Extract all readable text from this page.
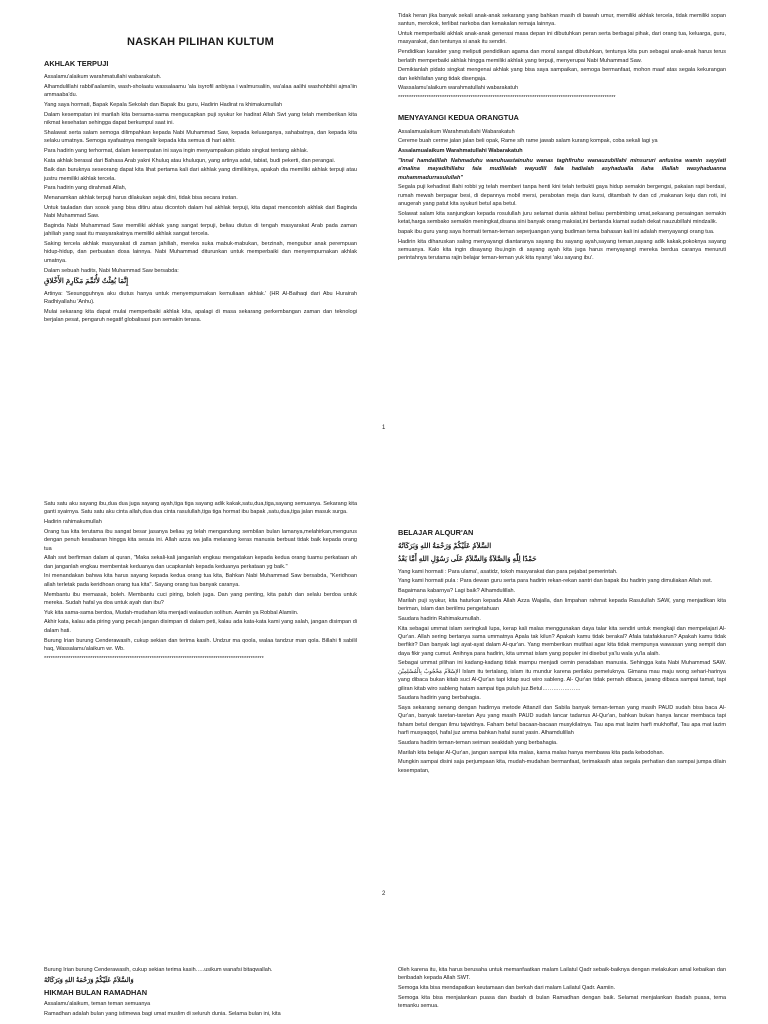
NASKAH PILIHAN KULTUM
AKHLAK TERPUJI

Assalamu'alaikum warahmatullahi wabarakatuh.

Alhamdulillahi rabbil'aalamiin, wash-sholaatu wassalaamu 'ala isyrofil anbiyaa i walmursaliin, wa'alaa aalihi washohbihii ajma'iin ammaaba'du.

Yang saya hormati, Bapak Kepala Sekolah dan Bapak Ibu guru, Hadirin Hadirat ra khimakumullah

Dalam kesempatan ini marilah kita bersama-sama mengucapkan puji syukur ke hadirat Allah Swt yang telah memberikan kita nikmat kesehatan sehingga dapat berkumpul saat ini.

Shalawat serta salam semoga dilimpahkan kepada Nabi Muhammad Saw, kepada keluarganya, sahabatnya, dan kepada kita selaku umatnya. Semoga syafaatnya mengalir kepada kita semua di hari akhir.

Para hadirin yang terhormat, dalam kesempatan ini saya ingin menyampaikan pidato singkat tentang akhlak.

Kata akhlak berasal dari Bahasa Arab yakni Khuluq atau khuluqun, yang artinya adat, tabiat, budi pekerti, dan perangai.

Baik dan buruknya seseorang dapat kita lihat pertama kali dari akhlak yang dimilikinya, apakah dia memiliki akhlak terpuji atau justru memiliki akhlak tercela.

Para hadirin yang dirahmati Allah,

Menanamkan akhlak terpuji harus dilakukan sejak dini, tidak bisa secara instan.

Untuk tauladan dan sosok yang bisa ditiru atau dicontoh dalam hal akhlak terpuji, kita dapat mencontoh akhlak dari Baginda Nabi Muhammad Saw.

Baginda Nabi Muhammad Saw memiliki akhlak yang sangat terpuji, beliau diutus di tengah masyarakat Arab pada zaman jahiliah yang saat itu masyarakatnya memiliki akhlak sangat tercela.

Saking tercela akhlak masyarakat di zaman jahiliah, mereka suka mabuk-mabukan, berzinah, mengubur anak perempuan hidup-hidup, dan perbuatan dosa lainnya. Nabi Muhammad diturunkan untuk memperbaiki dan menyempurnakan akhlak umatnya.

Dalam sebuah hadits, Nabi Muhammad Saw bersabda:

إِنَّمَا بُعِثْتُ لأُتَمِّمَ مَكَارِمَ الأَخْلاقِ

Artinya: 'Sesungguhnya aku diutus hanya untuk menyempurnakan kemuliaan akhlak.' (HR Al-Baihaqi dari Abu Hurairah Radhiyallahu 'Anhu).

Mulai sekarang kita dapat mulai memperbaiki akhlak kita, apalagi di masa sekarang perkembangan zaman dan teknologi berjalan pesat, pengaruh negatif globalisasi pun semakin terasa.

Tidak heran jika banyak sekali anak-anak sekarang yang bahkan masih di bawah umur, memiliki akhlak tercela, tidak memiliki sopan santun, merokok, terlibat narkoba dan kenakalan remaja lainnya.

Untuk memperbaiki akhlak anak-anak generasi masa depan ini dibutuhkan peran serta berbagai pihak, dari orang tua, keluarga, guru, masyarakat, dan tentunya si anak itu sendiri.

Pendidikan karakter yang meliputi pendidikan agama dan moral sangat dibutuhkan, tentunya kita pun sebagai anak-anak harus terus berlatih memperbaiki akhlak hingga memiliki akhlak yang terpuji, menyerupai Nabi Muhammad Saw.

Demikianlah pidato singkat mengenai akhlak yang bisa saya sampaikan, semoga bermanfaat, mohon maaf atas segala kekurangan dan kekhilafan yang tidak disengaja.

Wassalamu'alaikum warahmatullahi wabarakatuh

***************************************************************************************************

MENYAYANGI KEDUA ORANGTUA

Assalamualaikum Warahmatullahi Wabarakatuh

Cereme buah cerme jalan jalan beli opak, Rame sih rame jawab salam kurang kompak, coba sekali lagi ya

Assalamualaikum Warahmatullahi Wabarakatuh

"Innal hamdalillah Nahmaduhu wanuhuastainuhu wanas taghfiruhu wanauzubillahi minsururi anfusina wamin sayyiati a'malina mayadihillahu fala mudlilalah wayudlil fala hadialah asyhadualla ilaha illallah wasyhaduanna muhammadurrasulullah"

Segala puji kehadirat illahi robbi yg telah memberi tanpa henti kini telah terbukti gaya hidup semakin bergengsi, pakaian rapi berdasi, rumah mewah berpagar besi, di depannya mobil mersi, perabotan meja dan kursi, ditambah tv dan cd ,makanan keju dan roti, ini anugerah yang patut kita syukuri betul apa betul.

Solawat salam kita sanjungkan kepada rosulullah juru selamat dunia akhirat beliau pembimbing umat,sekarang persaingan semakin ketat,harga sembako semakin meningkat,disana sini banyak orang maksiat,ini bertanda kiamat sudah dekat nauzubillahi mindzalik.

bapak ibu guru yang saya hormati teman-teman seperjuangan yang budiman tema bahasan kali ini adalah menyayangi orang tua.

Hadirin kita diharuskan saling menyayangi diantaranya sayang ibu sayang ayah,sayang teman,sayang adik kakak,pokoknya sayang semuanya. Kalo kita ingin disayang ibu,ingin di sayang ayah kita juga harus menyayangi mereka berdua caranya menuruti perintahnya terutama rajin belajar teman-teman yuk kita nyanyi 'aku sayang ibu'.

1

Satu satu aku sayang ibu,dua dua juga sayang ayah,tiga tiga sayang adik kakak,satu,dua,tiga,sayang semuanya. Sekarang kita ganti syairnya. Satu satu aku cinta allah,dua dua cinta rasulullah,tiga tiga hormat ibu bapak ,satu,dua,tiga jalan masuk surga.

Hadirin rahimakumullah

Orang tua kita terutama ibu sangat besar jasanya beliau yg telah mengandung sembilan bulan lamanya,melahirkan,mengurus dengan penuh kesabaran hingga kita sesuia ini. Allah azza wa jalla melarang keras manusia berbuat tidak baik kepada orang tua

Allah swt berfirman dalam al quran, "Maka sekali-kali janganlah engkau mengatakan kepada kedua orang tuamu perkataan ah dan janganlah engkau membentak keduanya dan ucapkanlah kepada keduanya perkataan yg baik."

Ini menandakan bahwa kita harus sayang kepada kedua orang tua kita, Bahkan Nabi Muhammad Saw bersabda, "Keridhoan allah terletak pada keridhoan orang tua kita". Sayang orang tua banyak caranya.

Membantu ibu memasak, boleh. Membantu cuci piring, boleh juga. Dan yang penting, kita patuh dan selalu berdoa untuk mereka. Sudah hafal ya doa untuk ayah dan ibu?

Yuk kita sama-sama berdoa, Mudah-mudahan kita menjadi walaudun solihun. Aamiin ya Robbal Alamiin.

Akhir kata, kalau ada piring yang pecah jangan disimpan di dalam peti, kalau ada kata-kata kami yang salah, jangan disimpan di dalam hati.

Burung Irian burung Cenderawasih, cukup sekian dan terima kasih. Undzur ma qoola, walaa tandzur man qola. Billahi fi sabilil haq, Wassalamu'alaikum wr. Wb.

****************************************************************************************************

BELAJAR ALQUR'AN
السَّلاَمُ عَلَيْكُمْ وَرَحْمَةُ اللهِ وَبَرَكَاتُهُ
حَمْدًا لِلّٰهِ وَالصَّلاَةُ وَالسَّلاَمُ عَلَى رَسُوْلِ اللهِ أَمَّا بَعْدُ

Yang kami hormati : Para ulama', asatidz, tokoh masyarakat dan para pejabat pemerintah.

Yang kami hormati pula : Para dewan guru serta para hadirin rekan-rekan santri dan bapak ibu hadirin yang dimuliakan Allah swt.

Bagaimana kabarnya? Lagi baik? Alhamdulillah.

Marilah puji syukur, kita haturkan kepada Allah Azza Wajalla, dan limpahan rahmat kepada Rasulullah SAW, yang menjadikan kita beriman, islam dan beriilmu pengetahuan

Saudara hadirin Rahimakumullah.

Kita sebagai ummat islam seringkali lupa, kerap kali malas menggunakan daya talar kita sendiri untuk mengkaji dan mempelajari Al- Qur'an. Allah sering bertanya sama ummatnya Apala tak kilun? Apakah kamu tidak berakal? Afala tatafakkarun? Apakah kamu tidak berfikir? Dan banyak lagi ayat-ayat dalam Al-qur'an. Yang memberikan mutifasi agar kita tidak mempunya wawasan yang sempit dan daya fikir yang cumut. Anihnya para hadirin, kita ummat islam yang populer ini disebut ya'lu wala yu'la alaih.

Sebagai ummat pilihan ini kadang-kadang tidak mampu menjadi cemin peradaban manusia. Sehingga kata Nabi Muhammad SAW. الإسْلاَمُ مَحْجُوبٌ بِالْمُسْلِمِيْنَ Islam itu tertalang, islam itu mundur karena perilaku pemeluknya. Gimana mau maju wong sehari-harinya yang dibaca bukan kitab suci Al-Qur'an tapi kitap suci wiro sableng. Al- Qur'an tidak pernah dibaca, jarang dibaca sampai tamat, tapi giliran kitab wiro sableng hatam sampai tiga puluh juz.Betul…………………

Saudara hadirin yang berbahagia.

Saya sekarang senang dengan hadirnya metode Attanzil dan Sabila banyak teman-teman yang masih PAUD sudah bisa baca Al-Qur'an, banyak taretan-taretan Ayu yang masih PAUD sudah lancar tadarrus Al-Qur'an, bahkan bukan hanya lancar membaca tapi faham betul dengan ilmu tajwidnya. Faham betul bacaan-bacaan musykilatnya. Tau apa mat lazim harfi mukhoffaf, Tau apa mat lazim harfi musyaqqol, hafal juz amma bahkan hafal surat yasin. Alhamdulillah

Saudara hadirin teman-teman seiman seakidah yang berbahagia.

Marilah kita belajar Al-Qur'an, jangan sampai kita malas, karna malas hanya membawa kita pada kebodohan.

Mungkin sampai disini saja perjumpaan kita, mudah-mudahan bermanfaat, terimakasih atas segala perhatian dan sampai jumpa dilain kesempatan,

2

Burung Irian burung Cenderawasih, cukup sekian terima kasih…..usikum wanafsi bitaqwallah.

وَالسَّلاَمُ عَلَيْكُمْ وَرَحْمَةُ اللهِ وَبَرَكَاتُهُ
HIKMAH BULAN RAMADHAN

Assalamu'alaikum, teman teman semuanya

Ramadhan adalah bulan yang istimewa bagi umat muslim di seluruh dunia. Selama bulan ini, kita

Oleh karena itu, kita harus berusaha untuk memanfaatkan malam Lailatul Qadr sebaik-baiknya dengan melakukan amal kebaikan dan beribadah kepada Allah SWT.

Semoga kita bisa mendapatkan keutamaan dan berkah dari malam Lailatul Qadr. Aamiin.

Semoga kita bisa menjalankan puasa dan ibadah di bulan Ramadhan dengan baik. Selamat menjalankan ibadah puasa, tema temanku semua.
